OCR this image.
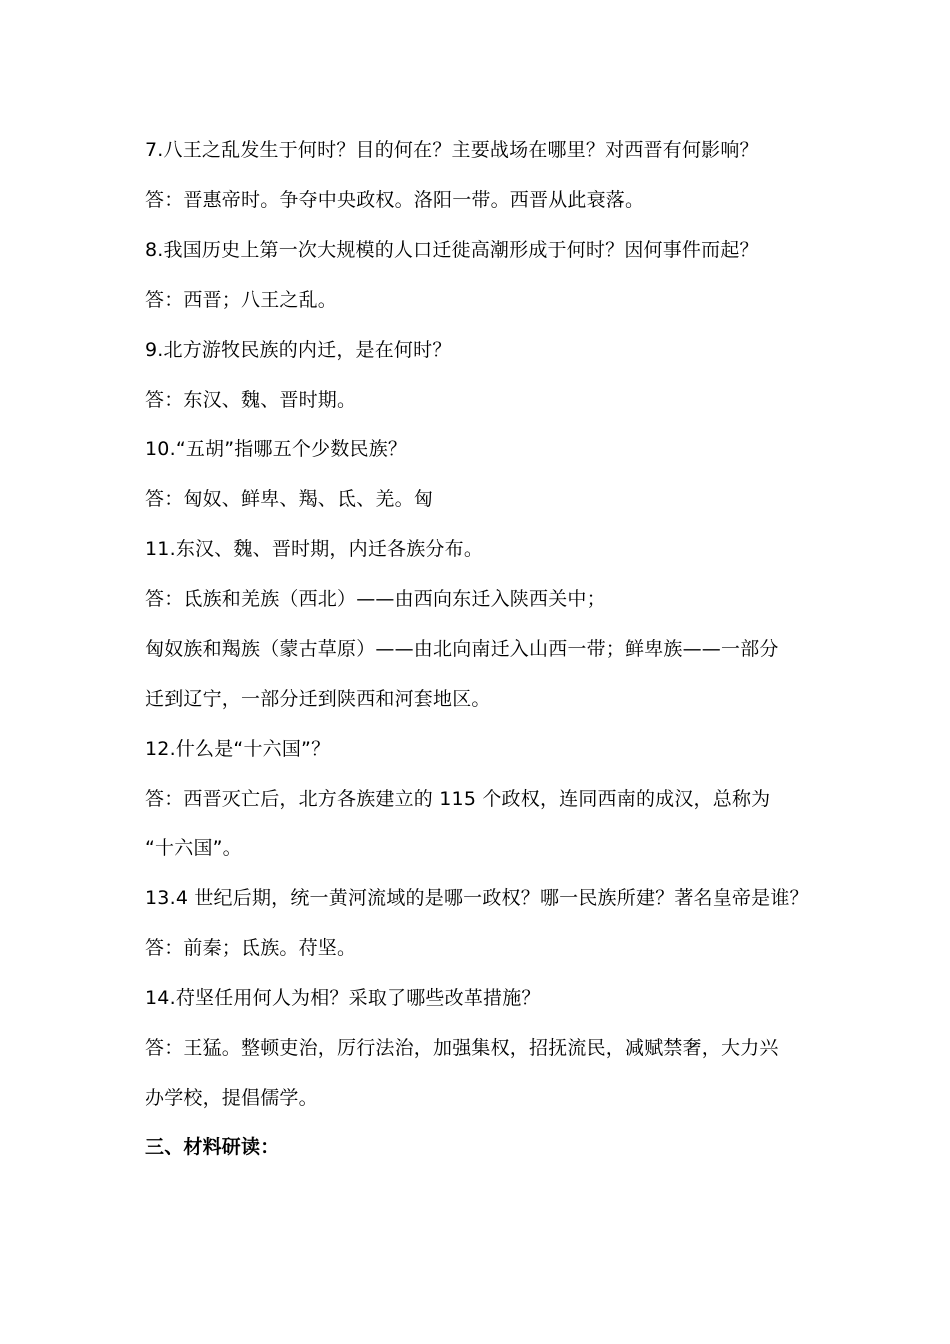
7.八王之乱发生于何时？目的何在？主要战场在哪里？对西晋有何影响？
答：晋惠帝时。争夺中央政权。洛阳一带。西晋从此衰落。
8.我国历史上第一次大规模的人口迁徙高潮形成于何时？因何事件而起？
答：西晋；八王之乱。
9.北方游牧民族的内迁，是在何时？
答：东汉、魏、晋时期。
10.“五胡”指哪五个少数民族？
答：匈奴、鲜卑、羯、氐、羌。匈
11.东汉、魏、晋时期，内迁各族分布。
答：氐族和羌族（西北）——由西向东迁入陕西关中；
匈奴族和羯族（蒙古草原）——由北向南迁入山西一带；鲜卑族——一部分
迁到辽宁，一部分迁到陕西和河套地区。
12.什么是“十六国”？
答：西晋灭亡后，北方各族建立的 115 个政权，连同西南的成汉，总称为
“十六国”。
13.4 世纪后期，统一黄河流域的是哪一政权？哪一民族所建？著名皇帝是谁？
答：前秦；氐族。苻坚。
14.苻坚任用何人为相？采取了哪些改革措施？
答：王猛。整顿吏治，厉行法治，加强集权，招抚流民，减赋禁奢，大力兴
办学校，提倡儒学。
三、材料研读：
